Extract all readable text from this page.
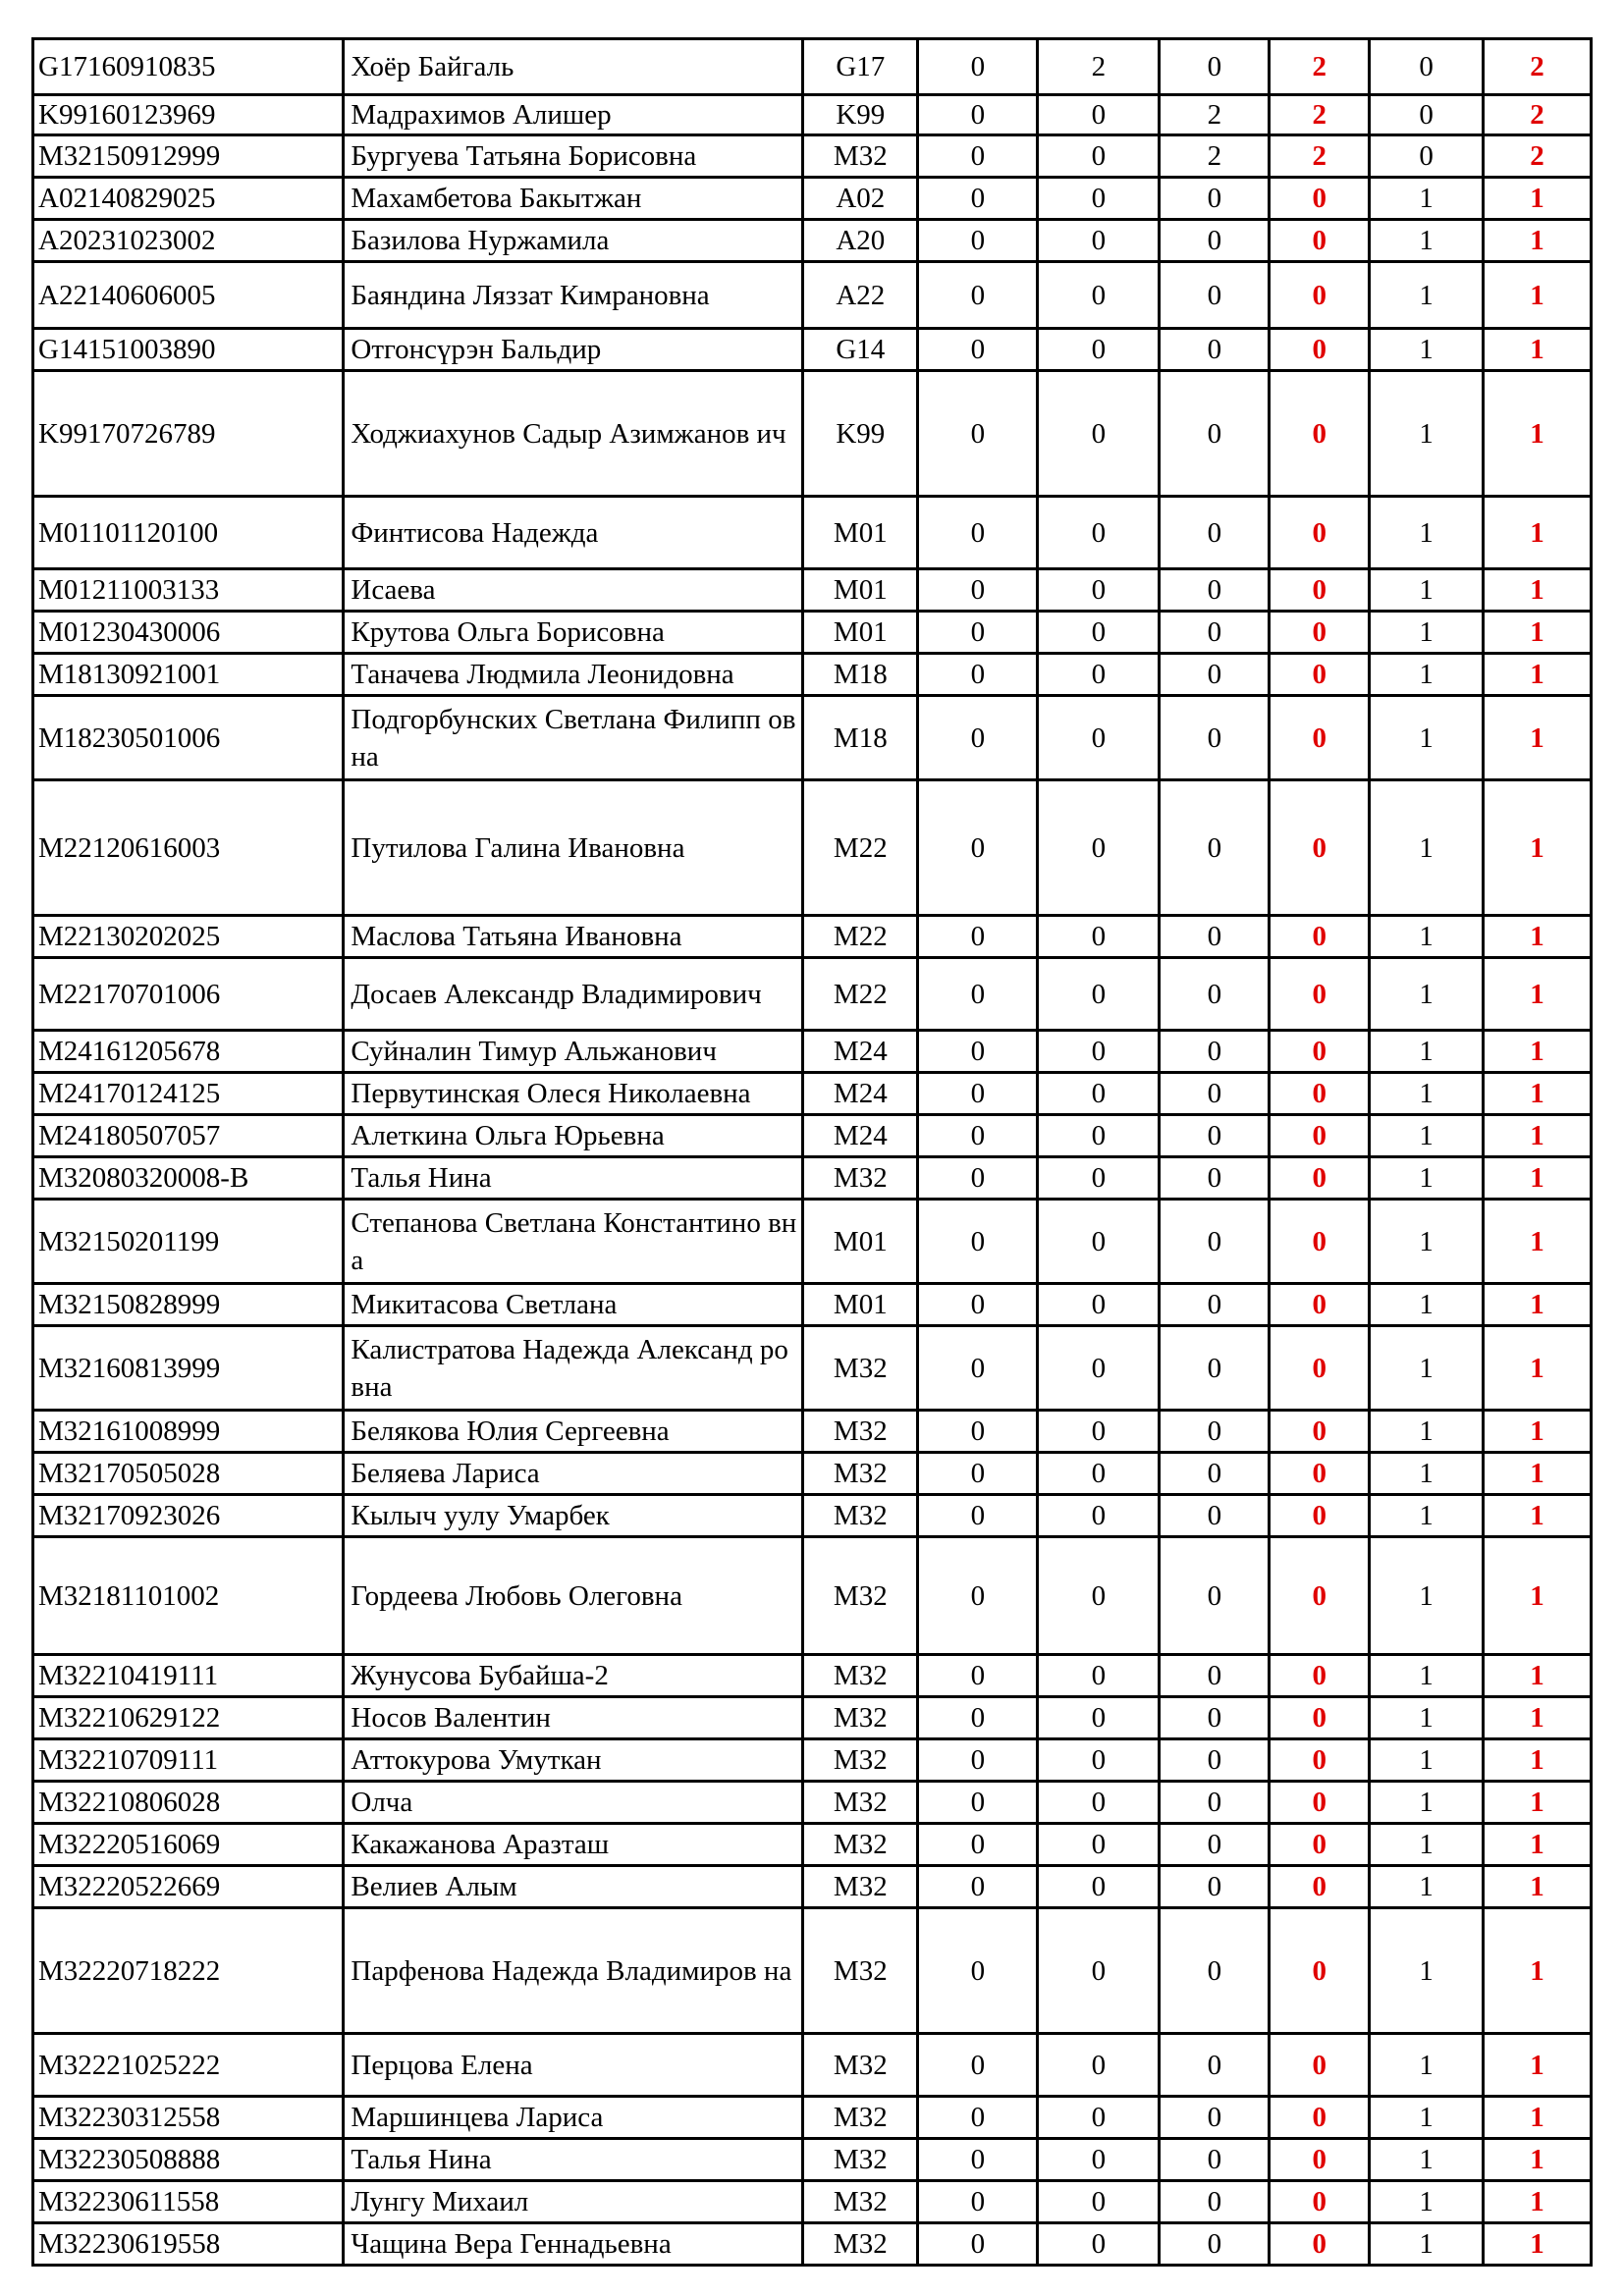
G17160910835	Хоёр Байгаль	G17	0	2	0	2	0	2
K99160123969	Мадрахимов Алишер	K99	0	0	2	2	0	2
M32150912999	Бургуева Татьяна Борисовна	M32	0	0	2	2	0	2
A02140829025	Махамбетова Бакытжан	A02	0	0	0	0	1	1
A20231023002	Базилова Нуржамила	A20	0	0	0	0	1	1
A22140606005	Баяндина Ляззат Кимрановна	A22	0	0	0	0	1	1
G14151003890	Отгонсүрэн Бальдир	G14	0	0	0	0	1	1
K99170726789	Ходжиахунов Садыр Азимжанов ич	K99	0	0	0	0	1	1
M01101120100	Финтисова Надежда	M01	0	0	0	0	1	1
M01211003133	Исаева	M01	0	0	0	0	1	1
M01230430006	Крутова Ольга Борисовна	M01	0	0	0	0	1	1
M18130921001	Таначева Людмила Леонидовна	M18	0	0	0	0	1	1
M18230501006	Подгорбунских Светлана Филипп овна	M18	0	0	0	0	1	1
M22120616003	Путилова Галина Ивановна	M22	0	0	0	0	1	1
M22130202025	Маслова Татьяна Ивановна	M22	0	0	0	0	1	1
M22170701006	Досаев Александр Владимирович	M22	0	0	0	0	1	1
M24161205678	Суйналин Тимур Альжанович	M24	0	0	0	0	1	1
M24170124125	Первутинская Олеся Николаевна	M24	0	0	0	0	1	1
M24180507057	Алеткина Ольга Юрьевна	M24	0	0	0	0	1	1
M32080320008-B	Талья Нина	M32	0	0	0	0	1	1
M32150201199	Степанова Светлана Константино вна	M01	0	0	0	0	1	1
M32150828999	Микитасова Светлана	M01	0	0	0	0	1	1
M32160813999	Калистратова Надежда Александ ровна	M32	0	0	0	0	1	1
M32161008999	Белякова Юлия Сергеевна	M32	0	0	0	0	1	1
M32170505028	Беляева Лариса	M32	0	0	0	0	1	1
M32170923026	Кылыч уулу Умарбек	M32	0	0	0	0	1	1
M32181101002	Гордеева Любовь Олеговна	M32	0	0	0	0	1	1
M32210419111	Жунусова Бубайша-2	M32	0	0	0	0	1	1
M32210629122	Носов Валентин	M32	0	0	0	0	1	1
M32210709111	Аттокурова Умуткан	M32	0	0	0	0	1	1
M32210806028	Олча	M32	0	0	0	0	1	1
M32220516069	Какажанова Аразташ	M32	0	0	0	0	1	1
M32220522669	Велиев Алым	M32	0	0	0	0	1	1
M32220718222	Парфенова Надежда Владимиров на	M32	0	0	0	0	1	1
M32221025222	Перцова Елена	M32	0	0	0	0	1	1
M32230312558	Маршинцева Лариса	M32	0	0	0	0	1	1
M32230508888	Талья Нина	M32	0	0	0	0	1	1
M32230611558	Лунгу Михаил	M32	0	0	0	0	1	1
M32230619558	Чащина Вера Геннадьевна	M32	0	0	0	0	1	1
